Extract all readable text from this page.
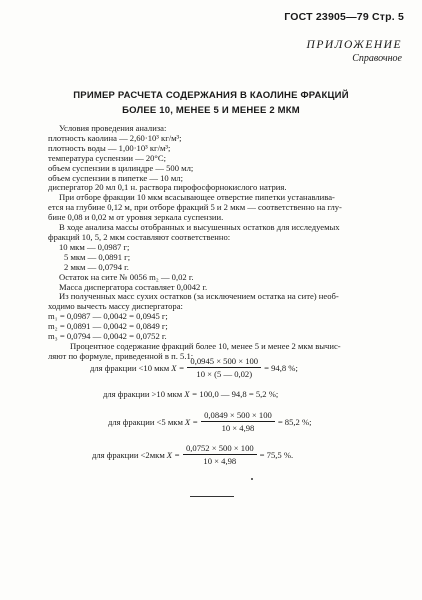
ГОСТ 23905—79 Стр. 5
ПРИЛОЖЕНИЕ
Справочное
ПРИМЕР РАСЧЕТА СОДЕРЖАНИЯ В КАОЛИНЕ ФРАКЦИЙ
БОЛЕЕ 10, МЕНЕЕ 5 И МЕНЕЕ 2 МКМ
Условия проведения анализа:
плотность каолина — 2,60·10³ кг/м³;
плотность воды — 1,00·10³ кг/м³;
температура суспензии — 20°С;
объем суспензии в цилиндре — 500 мл;
объем суспензии в пипетке — 10 мл;
диспергатор 20 мл 0,1 н. раствора пирофосфорнокислого натрия.
При отборе фракции 10 мкм всасывающее отверстие пипетки устанавлива-
ется на глубине 0,12 м, при отборе фракций 5 и 2 мкм — соответственно на глу-
бине 0,08 и 0,02 м от уровня зеркала суспензии.
В ходе анализа массы отобранных и высушенных остатков для исследуемых
фракций 10, 5, 2 мкм составляют соответственно:
10 мкм — 0,0987 г;
5 мкм — 0,0891 г;
2 мкм — 0,0794 г.
Остаток на сите № 0056 m₂ — 0,02 г.
Масса диспергатора составляет 0,0042 г.
Из полученных масс сухих остатков (за исключением остатка на сите) необ-
ходимо вычесть массу диспергатора:
m₁ = 0,0987 — 0,0042 = 0,0945 г;
m₂ = 0,0891 — 0,0042 = 0,0849 г;
m₃ = 0,0794 — 0,0042 = 0,0752 г.
Процентное содержание фракций более 10, менее 5 и менее 2 мкм вычис-
ляют по формуле, приведенной в п. 5.1:
для фракции <10 мкм $X = \frac{0,0945 \times 500 \times 100}{10 \times (5 — 0,02)} = 94,8$ %;
для фракции >10 мкм X = 100,0 — 94,8 = 5,2 %;
для фракции <5 мкм $X = \frac{0,0849 \times 500 \times 100}{10 \times 4,98} = 85,2$ %;
для фракции <2мкм $X = \frac{0,0752 \times 500 \times 100}{10 \times 4,98} = 75,5$ %.
